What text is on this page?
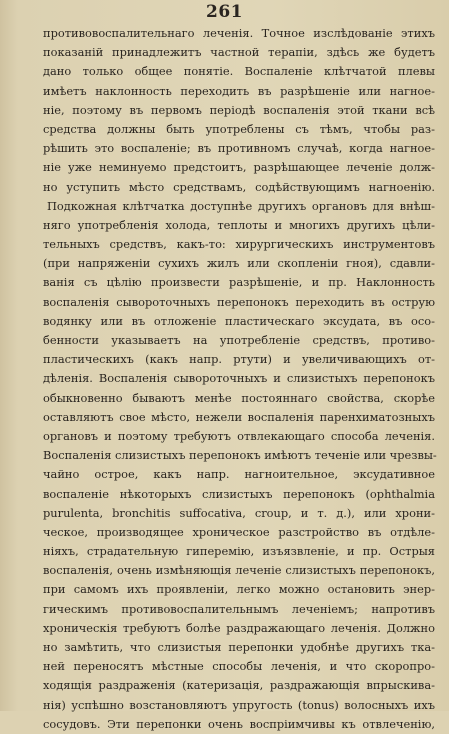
261
противовоспалительнаго леченія. Точное изслѣдованіе этихъ
показаній принадлежитъ частной терапіи, здѣсь же будетъ
дано только общее понятіе. Воспаленіе клѣтчатой плевы
имѣетъ наклонность переходить въ разрѣшеніе или нагное-
ніе, поэтому въ первомъ періодѣ воспаленія этой ткани всѣ
средства должны быть употреблены съ тѣмъ, чтобы раз-
рѣшить это воспаленіе; въ противномъ случаѣ, когда нагное-
ніе уже неминуемо предстоитъ, разрѣшающее леченіе долж-
но уступить мѣсто средствамъ, содѣйствующимъ нагноенію.
Подкожная клѣтчатка доступнѣе другихъ органовъ для внѣш-
няго употребленія холода, теплоты и многихъ другихъ цѣли-
тельныхъ средствъ, какъ-то: хирургическихъ инструментовъ
(при напряженіи сухихъ жилъ или скопленіи гноя), сдавли-
ванія съ цѣлію произвести разрѣшеніе, и пр. Наклонность
воспаленія сывороточныхъ перепонокъ переходить въ острую
водянку или въ отложеніе пластическаго эксудата, въ осо-
бенности указываетъ на употребленіе средствъ, противо-
пластическихъ (какъ напр. ртути) и увеличивающихъ от-
дѣленія. Воспаленія сывороточныхъ и слизистыхъ перепонокъ
обыкновенно бываютъ менѣе постояннаго свойства, скорѣе
оставляютъ свое мѣсто, нежели воспаленія паренхиматозныхъ
органовъ и поэтому требуютъ отвлекающаго способа леченія.
Воспаленія слизистыхъ перепонокъ имѣютъ теченіе или чрезвы-
чайно острое, какъ напр. нагноительное, эксудативное
воспаленіе нѣкоторыхъ слизистыхъ перепонокъ (ophthalmia
purulenta, bronchitis suffocativa, croup, и т. д.), или хрони-
ческое, производящее хроническое разстройство въ отдѣле-
ніяхъ, страдательную гиперемію, изъязвленіе, и пр. Острыя
воспаленія, очень измѣняющія леченіе слизистыхъ перепонокъ,
при самомъ ихъ проявленіи, легко можно остановить энер-
гическимъ противовоспалительнымъ леченіемъ; напротивъ
хроническія требуютъ болѣе раздражающаго леченія. Должно
но замѣтить, что слизистыя перепонки удобнѣе другихъ тка-
ней переносятъ мѣстные способы леченія, и что скоропро-
ходящія раздраженія (катеризація, раздражающія впрыскива-
нія) успѣшно возстановляютъ упругость (tonus) волосныхъ ихъ
сосудовъ. Эти перепонки очень воспріимчивы къ отвлеченію,
